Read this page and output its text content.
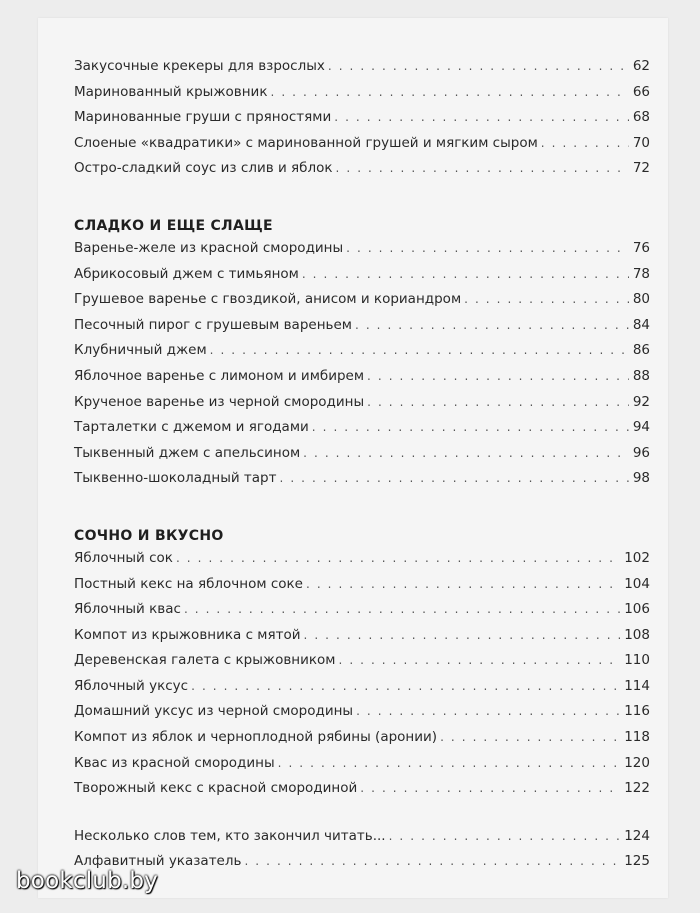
Закусочные крекеры для взрослых . . .	62
Маринованный крыжовник . . .	66
Маринованные груши с пряностями . . .	68
Слоеные «квадратики» с маринованной грушей и мягким сыром . . .	70
Остро-сладкий соус из слив и яблок . . .	72
СЛАДКО И ЕЩЕ СЛАЩЕ
Варенье-желе из красной смородины . . .	76
Абрикосовый джем с тимьяном . . .	78
Грушевое варенье с гвоздикой, анисом и кориандром . . .	80
Песочный пирог с грушевым вареньем . . .	84
Клубничный джем . . .	86
Яблочное варенье с лимоном и имбирем . . .	88
Крученое варенье из черной смородины . . .	92
Тарталетки с джемом и ягодами . . .	94
Тыквенный джем с апельсином . . .	96
Тыквенно-шоколадный тарт . . .	98
СОЧНО И ВКУСНО
Яблочный сок . . .	102
Постный кекс на яблочном соке . . .	104
Яблочный квас . . .	106
Компот из крыжовника с мятой . . .	108
Деревенская галета с крыжовником . . .	110
Яблочный уксус . . .	114
Домашний уксус из черной смородины . . .	116
Компот из яблок и черноплодной рябины (аронии) . . .	118
Квас из красной смородины . . .	120
Творожный кекс с красной смородиной . . .	122
Несколько слов тем, кто закончил читать... . . .	124
Алфавитный указатель . . .	125
bookclub.by
